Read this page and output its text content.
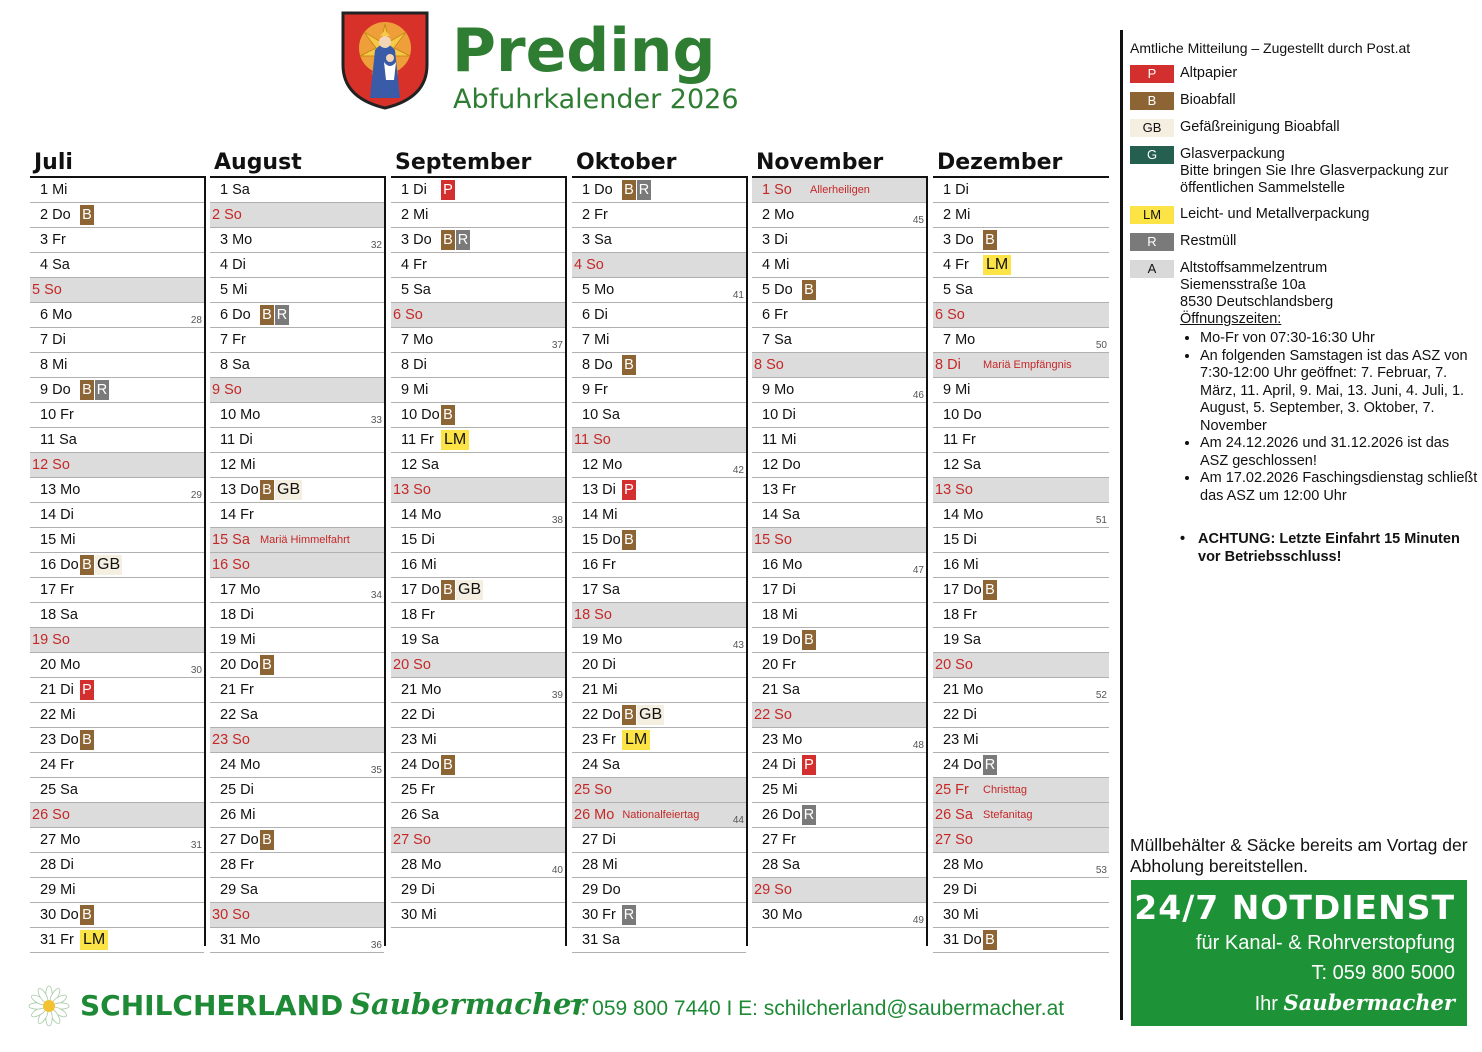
Preding
Abfuhrkalender 2026
Juli
1 Mi
2 Do B
3 Fr
4 Sa
5 So
6 Mo	28
7 Di
8 Mi
9 Do B R
10 Fr
11 Sa
12 So
13 Mo	29
14 Di
15 Mi
16 Do B GB
17 Fr
18 Sa
19 So
20 Mo	30
21 Di P
22 Mi
23 Do B
24 Fr
25 Sa
26 So
27 Mo	31
28 Di
29 Mi
30 Do B
31 Fr LM
August
1 Sa
2 So
3 Mo	32
4 Di
5 Mi
6 Do B R
7 Fr
8 Sa
9 So
10 Mo	33
11 Di
12 Mi
13 Do B GB
14 Fr
15 Sa Mariä Himmelfahrt
16 So
17 Mo	34
18 Di
19 Mi
20 Do B
21 Fr
22 Sa
23 So
24 Mo	35
25 Di
26 Mi
27 Do B
28 Fr
29 Sa
30 So
31 Mo	36
September
1 Di	P
2 Mi
3 Do B R
4 Fr
5 Sa
6 So
7 Mo	37
8 Di
9 Mi
10 Do B
11 Fr LM
12 Sa
13 So
14 Mo	38
15 Di
16 Mi
17 Do B GB
18 Fr
19 Sa
20 So
21 Mo	39
22 Di
23 Mi
24 Do B
25 Fr
26 Sa
27 So
28 Mo	40
29 Di
30 Mi
Oktober
1 Do B R
2 Fr
3 Sa
4 So
5 Mo	41
6 Di
7 Mi
8 Do B
9 Fr
10 Sa
11 So
12 Mo	42
13 Di P
14 Mi
15 Do B
16 Fr
17 Sa
18 So
19 Mo	43
20 Di
21 Mi
22 Do B GB
23 Fr LM
24 Sa
25 So
26 Mo Nationalfeiertag	44
27 Di
28 Mi
29 Do
30 Fr R
31 Sa
November
1 So	Allerheiligen
2 Mo	45
3 Di
4 Mi
5 Do B
6 Fr
7 Sa
8 So
9 Mo	46
10 Di
11 Mi
12 Do
13 Fr
14 Sa
15 So
16 Mo	47
17 Di
18 Mi
19 Do B
20 Fr
21 Sa
22 So
23 Mo	48
24 Di P
25 Mi
26 Do R
27 Fr
28 Sa
29 So
30 Mo	49
Dezember
1 Di
2 Mi
3 Do B
4 Fr	LM
5 Sa
6 So
7 Mo	50
8 Di	Mariä Empfängnis
9 Mi
10 Do
11 Fr
12 Sa
13 So
14 Mo	51
15 Di
16 Mi
17 Do B
18 Fr
19 Sa
20 So
21 Mo	52
22 Di
23 Mi
24 Do R
25 Fr	Christtag
26 Sa Stefanitag
27 So
28 Mo	53
29 Di
30 Mi
31 Do B
Amtliche Mitteilung – Zugestellt durch Post.at
P	Altpapier
B	Bioabfall
GB	Gefäßreinigung Bioabfall
G	Glasverpackung
Bitte bringen Sie Ihre Glasverpackung zur öffentlichen Sammelstelle
LM	Leicht- und Metallverpackung
R	Restmüll
A	Altstoffsammelzentrum
Siemensstraße 10a
8530 Deutschlandsberg
Öffnungszeiten:
• Mo-Fr von 07:30-16:30 Uhr
• An folgenden Samstagen ist das ASZ von 7:30-12:00 Uhr geöffnet: 7. Februar, 7. März, 11. April, 9. Mai, 13. Juni, 4. Juli, 1. August, 5. September, 3. Oktober, 7. November
• Am 24.12.2026 und 31.12.2026 ist das ASZ geschlossen!
• Am 17.02.2026 Faschingsdienstag schließt das ASZ um 12:00 Uhr
• ACHTUNG: Letzte Einfahrt 15 Minuten vor Betriebsschluss!
Müllbehälter & Säcke bereits am Vortag der Abholung bereitstellen.
24/7 NOTDIENST
für Kanal- & Rohrverstopfung
T: 059 800 5000
Ihr Saubermacher
SCHILCHERLAND Saubermacher
T: 059 800 7440 I E: schilcherland@saubermacher.at
